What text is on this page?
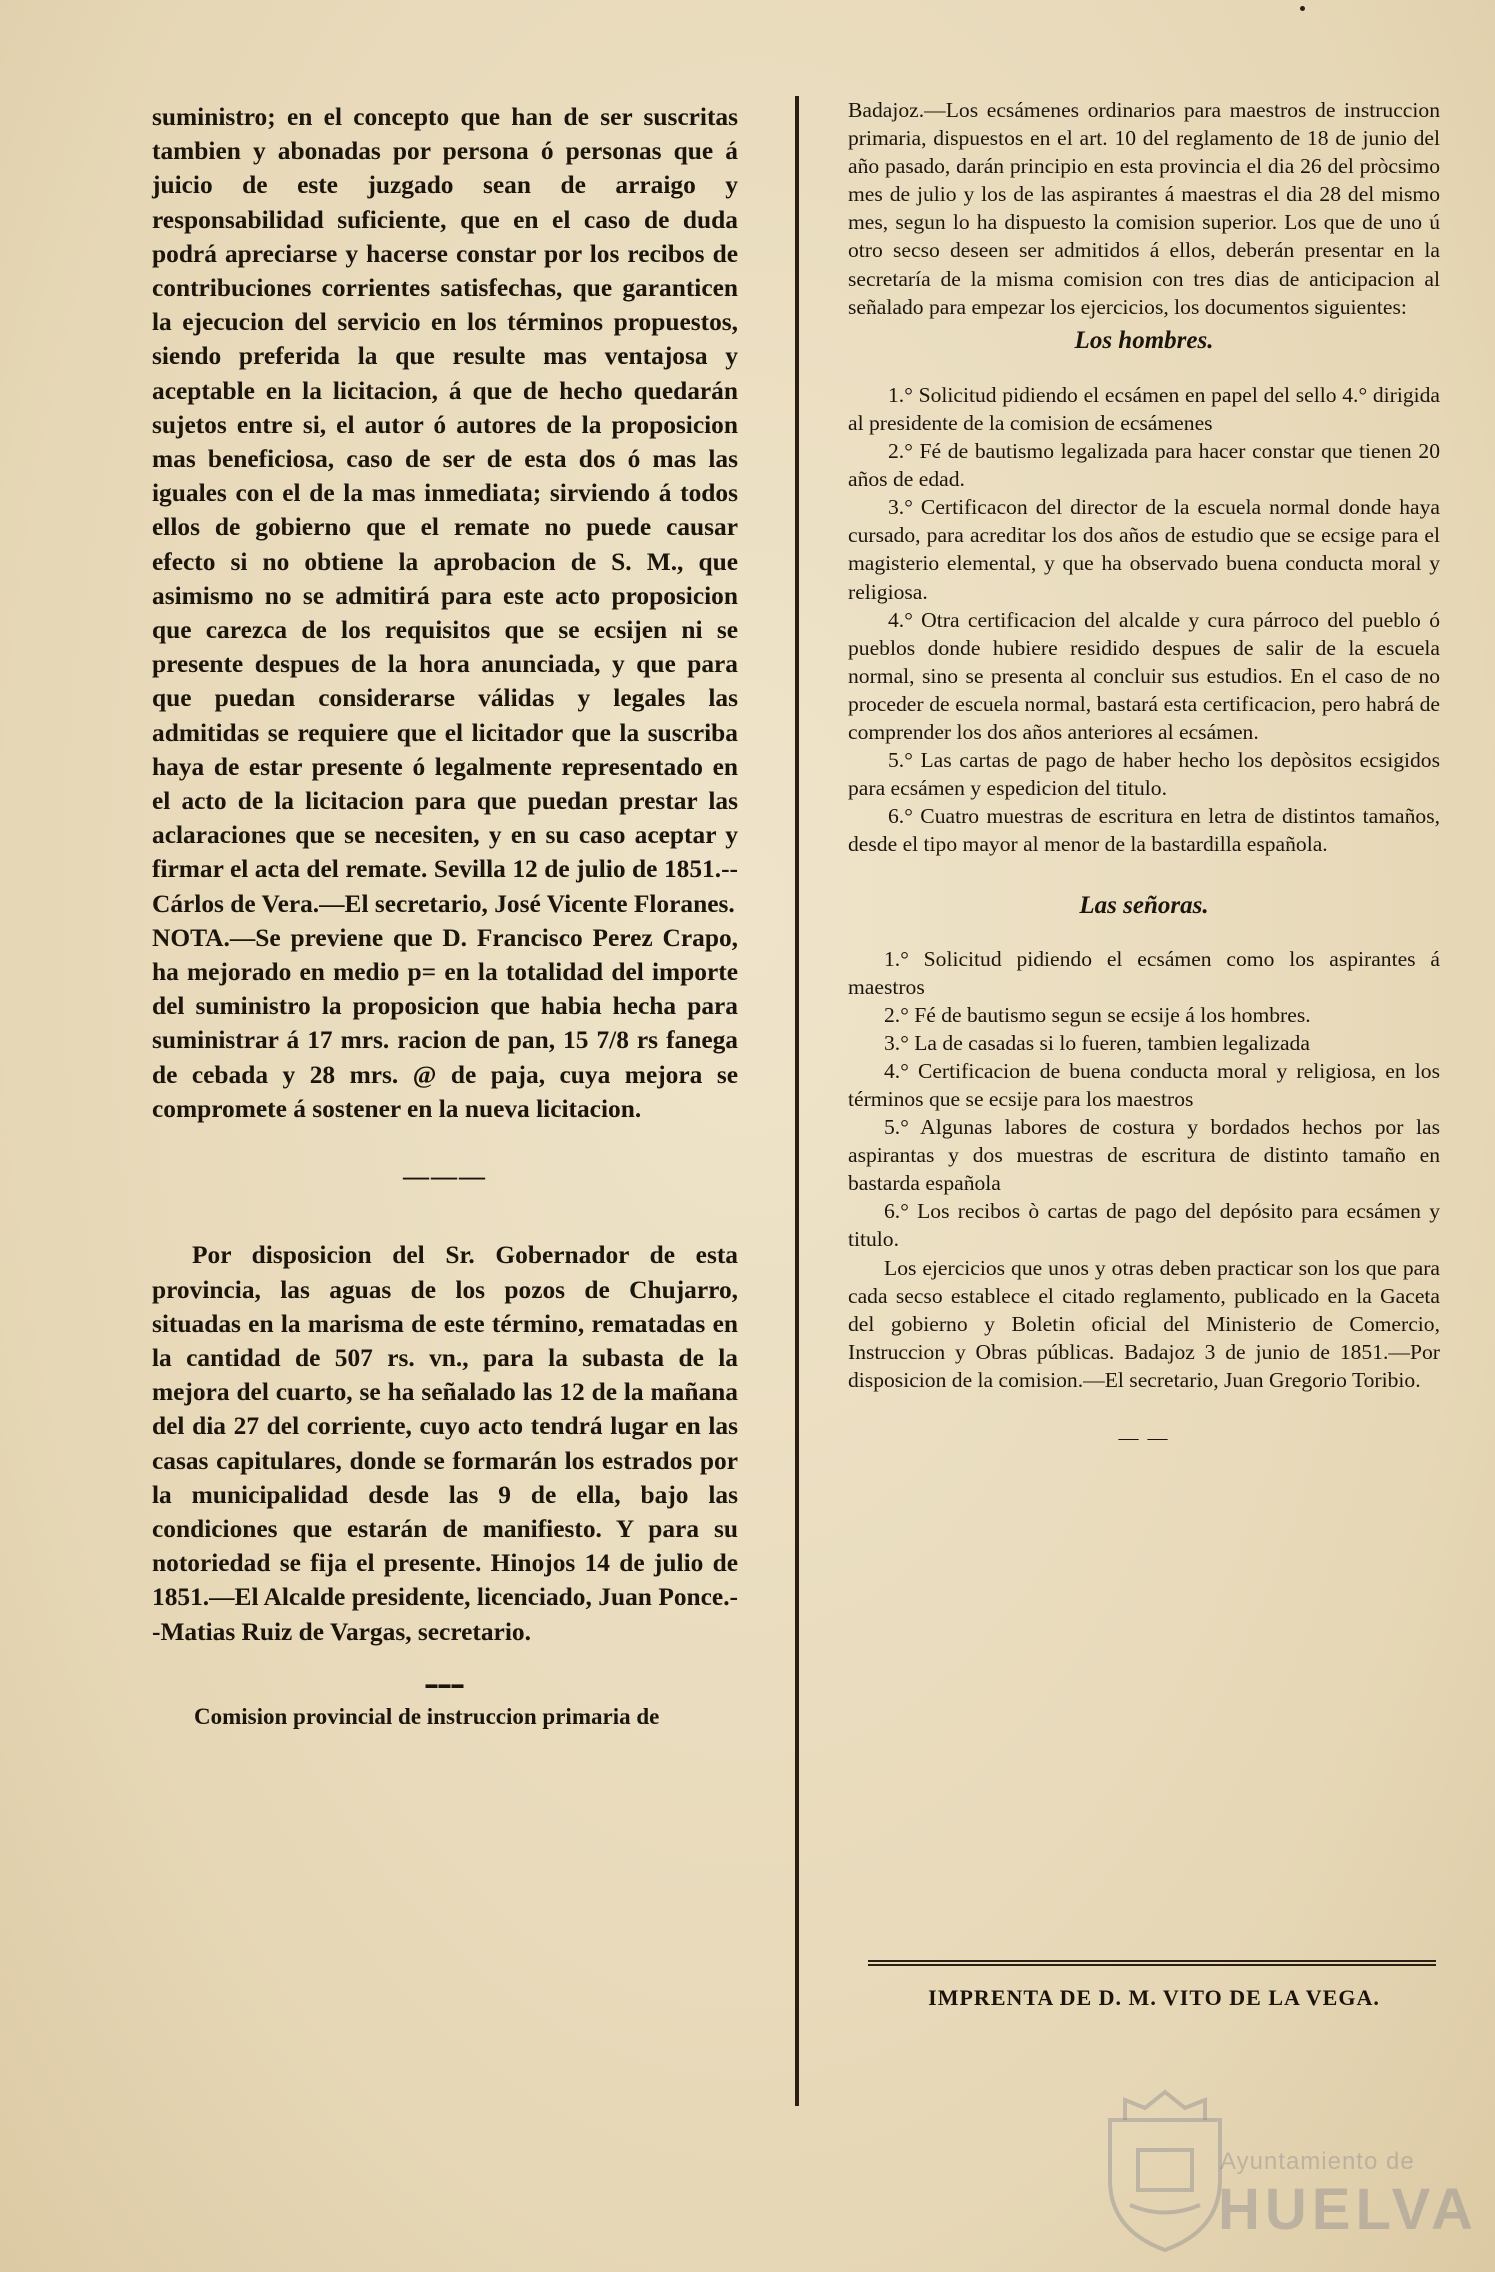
suministro; en el concepto que han de ser suscritas tambien y abonadas por persona ó personas que á juicio de este juzgado sean de arraigo y responsabilidad suficiente, que en el caso de duda podrá apreciarse y hacerse constar por los recibos de contribuciones corrientes satisfechas, que garanticen la ejecucion del servicio en los términos propuestos, siendo preferida la que resulte mas ventajosa y aceptable en la licitacion, á que de hecho quedarán sujetos entre si, el autor ó autores de la proposicion mas beneficiosa, caso de ser de esta dos ó mas las iguales con el de la mas inmediata; sirviendo á todos ellos de gobierno que el remate no puede causar efecto si no obtiene la aprobacion de S. M., que asimismo no se admitirá para este acto proposicion que carezca de los requisitos que se ecsijen ni se presente despues de la hora anunciada, y que para que puedan considerarse válidas y legales las admitidas se requiere que el licitador que la suscriba haya de estar presente ó legalmente representado en el acto de la licitacion para que puedan prestar las aclaraciones que se necesiten, y en su caso aceptar y firmar el acta del remate. Sevilla 12 de julio de 1851.--Cárlos de Vera.—El secretario, José Vicente Floranes.

NOTA.—Se previene que D. Francisco Perez Crapo, ha mejorado en medio p= en la totalidad del importe del suministro la proposicion que habia hecha para suministrar á 17 mrs. racion de pan, 15 7/8 rs fanega de cebada y 28 mrs. @ de paja, cuya mejora se compromete á sostener en la nueva licitacion.

———

Por disposicion del Sr. Gobernador de esta provincia, las aguas de los pozos de Chujarro, situadas en la marisma de este término, rematadas en la cantidad de 507 rs. vn., para la subasta de la mejora del cuarto, se ha señalado las 12 de la mañana del dia 27 del corriente, cuyo acto tendrá lugar en las casas capitulares, donde se formarán los estrados por la municipalidad desde las 9 de ella, bajo las condiciones que estarán de manifiesto. Y para su notoriedad se fija el presente. Hinojos 14 de julio de 1851.—El Alcalde presidente, licenciado, Juan Ponce.--Matias Ruiz de Vargas, secretario.

▬▬▬

Comision provincial de instruccion primaria de

Badajoz.—Los ecsámenes ordinarios para maestros de instruccion primaria, dispuestos en el art. 10 del reglamento de 18 de junio del año pasado, darán principio en esta provincia el dia 26 del pròcsimo mes de julio y los de las aspirantes á maestras el dia 28 del mismo mes, segun lo ha dispuesto la comision superior. Los que de uno ú otro secso deseen ser admitidos á ellos, deberán presentar en la secretaría de la misma comision con tres dias de anticipacion al señalado para empezar los ejercicios, los documentos siguientes:

Los hombres.

1.° Solicitud pidiendo el ecsámen en papel del sello 4.° dirigida al presidente de la comision de ecsámenes

2.° Fé de bautismo legalizada para hacer constar que tienen 20 años de edad.

3.° Certificacon del director de la escuela normal donde haya cursado, para acreditar los dos años de estudio que se ecsige para el magisterio elemental, y que ha observado buena conducta moral y religiosa.

4.° Otra certificacion del alcalde y cura párroco del pueblo ó pueblos donde hubiere residido despues de salir de la escuela normal, sino se presenta al concluir sus estudios. En el caso de no proceder de escuela normal, bastará esta certificacion, pero habrá de comprender los dos años anteriores al ecsámen.

5.° Las cartas de pago de haber hecho los depòsitos ecsigidos para ecsámen y espedicion del titulo.

6.° Cuatro muestras de escritura en letra de distintos tamaños, desde el tipo mayor al menor de la bastardilla española.

Las señoras.

1.° Solicitud pidiendo el ecsámen como los aspirantes á maestros

2.° Fé de bautismo segun se ecsije á los hombres.

3.° La de casadas si lo fueren, tambien legalizada

4.° Certificacion de buena conducta moral y religiosa, en los términos que se ecsije para los maestros

5.° Algunas labores de costura y bordados hechos por las aspirantas y dos muestras de escritura de distinto tamaño en bastarda española

6.° Los recibos ò cartas de pago del depósito para ecsámen y titulo.

Los ejercicios que unos y otras deben practicar son los que para cada secso establece el citado reglamento, publicado en la Gaceta del gobierno y Boletin oficial del Ministerio de Comercio, Instruccion y Obras públicas. Badajoz 3 de junio de 1851.—Por disposicion de la comision.—El secretario, Juan Gregorio Toribio.

— —
IMPRENTA DE D. M. VITO DE LA VEGA.
Ayuntamiento de
HUELVA
